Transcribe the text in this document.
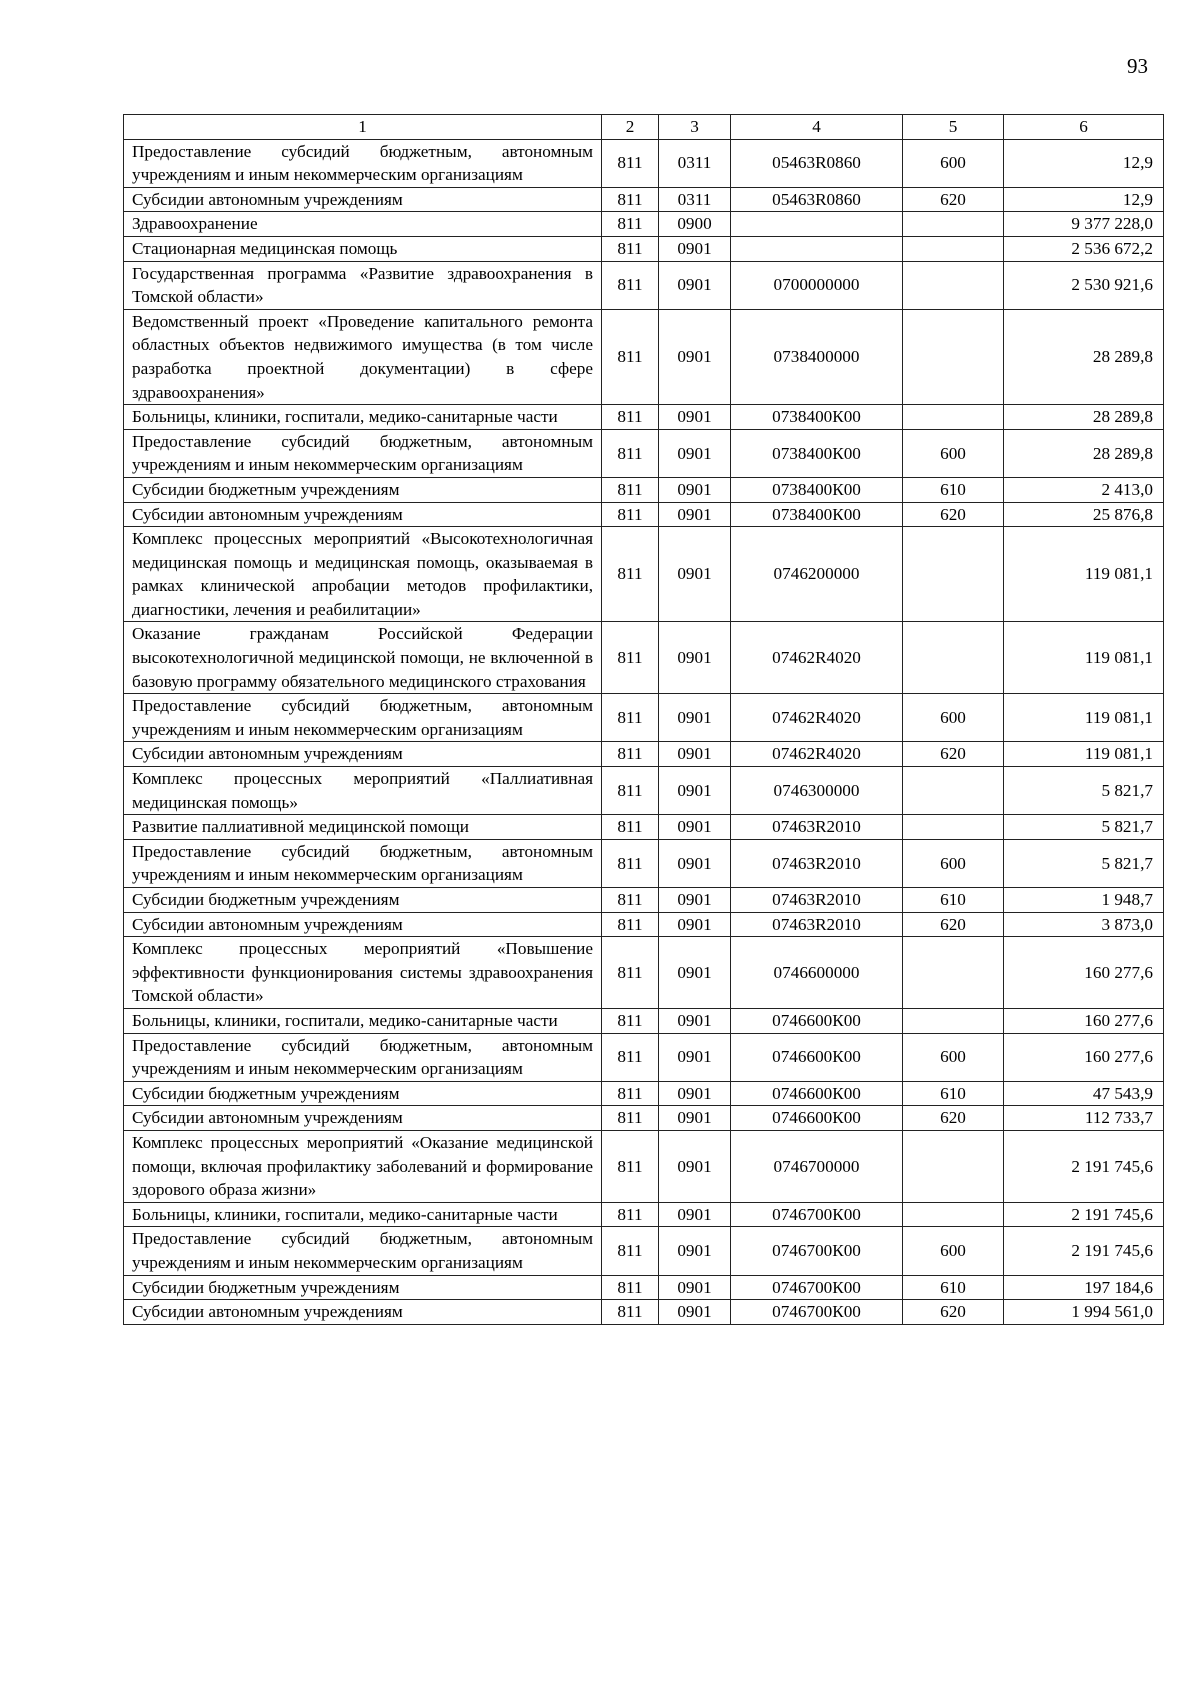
93
1	2	3	4	5	6
Предоставление субсидий бюджетным, автономным учреждениям и иным некоммерческим организациям	811	0311	05463R0860	600	12,9
Субсидии автономным учреждениям	811	0311	05463R0860	620	12,9
Здравоохранение	811	0900			9 377 228,0
Стационарная медицинская помощь	811	0901			2 536 672,2
Государственная программа «Развитие здравоохранения в Томской области»	811	0901	0700000000		2 530 921,6
Ведомственный проект «Проведение капитального ремонта областных объектов недвижимого имущества (в том числе разработка проектной документации) в сфере здравоохранения»	811	0901	0738400000		28 289,8
Больницы, клиники, госпитали, медико-санитарные части	811	0901	0738400К00		28 289,8
Предоставление субсидий бюджетным, автономным учреждениям и иным некоммерческим организациям	811	0901	0738400К00	600	28 289,8
Субсидии бюджетным учреждениям	811	0901	0738400К00	610	2 413,0
Субсидии автономным учреждениям	811	0901	0738400К00	620	25 876,8
Комплекс процессных мероприятий «Высокотехнологичная медицинская помощь и медицинская помощь, оказываемая в рамках клинической апробации методов профилактики, диагностики, лечения и реабилитации»	811	0901	0746200000		119 081,1
Оказание гражданам Российской Федерации высокотехнологичной медицинской помощи, не включенной в базовую программу обязательного медицинского страхования	811	0901	07462R4020		119 081,1
Предоставление субсидий бюджетным, автономным учреждениям и иным некоммерческим организациям	811	0901	07462R4020	600	119 081,1
Субсидии автономным учреждениям	811	0901	07462R4020	620	119 081,1
Комплекс процессных мероприятий «Паллиативная медицинская помощь»	811	0901	0746300000		5 821,7
Развитие паллиативной медицинской помощи	811	0901	07463R2010		5 821,7
Предоставление субсидий бюджетным, автономным учреждениям и иным некоммерческим организациям	811	0901	07463R2010	600	5 821,7
Субсидии бюджетным учреждениям	811	0901	07463R2010	610	1 948,7
Субсидии автономным учреждениям	811	0901	07463R2010	620	3 873,0
Комплекс процессных мероприятий «Повышение эффективности функционирования системы здравоохранения Томской области»	811	0901	0746600000		160 277,6
Больницы, клиники, госпитали, медико-санитарные части	811	0901	0746600К00		160 277,6
Предоставление субсидий бюджетным, автономным учреждениям и иным некоммерческим организациям	811	0901	0746600К00	600	160 277,6
Субсидии бюджетным учреждениям	811	0901	0746600К00	610	47 543,9
Субсидии автономным учреждениям	811	0901	0746600К00	620	112 733,7
Комплекс процессных мероприятий «Оказание медицинской помощи, включая профилактику заболеваний и формирование здорового образа жизни»	811	0901	0746700000		2 191 745,6
Больницы, клиники, госпитали, медико-санитарные части	811	0901	0746700К00		2 191 745,6
Предоставление субсидий бюджетным, автономным учреждениям и иным некоммерческим организациям	811	0901	0746700К00	600	2 191 745,6
Субсидии бюджетным учреждениям	811	0901	0746700К00	610	197 184,6
Субсидии автономным учреждениям	811	0901	0746700К00	620	1 994 561,0
